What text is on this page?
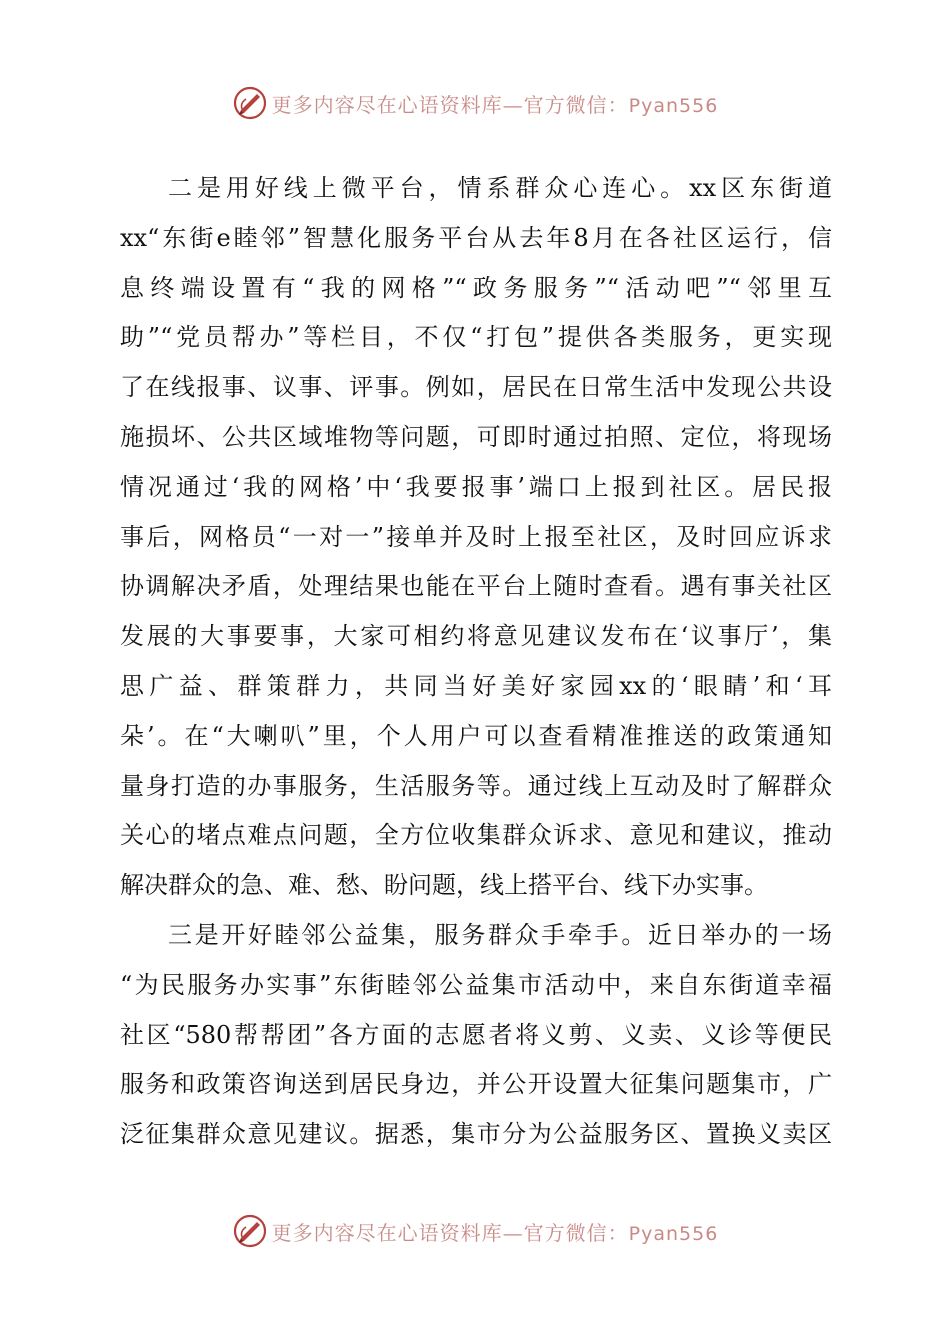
更多内容尽在心语资料库—官方微信：Pyan556
二是用好线上微平台，情系群众心连心。xx区东街道
xx“东街e睦邻”智慧化服务平台从去年8月在各社区运行，信
息终端设置有“我的网格”“政务服务”“活动吧”“邻里互
助”“党员帮办”等栏目，不仅“打包”提供各类服务，更实现
了在线报事、议事、评事。例如，居民在日常生活中发现公共设
施损坏、公共区域堆物等问题，可即时通过拍照、定位，将现场
情况通过‘我的网格’中‘我要报事’端口上报到社区。居民报
事后，网格员“一对一”接单并及时上报至社区，及时回应诉求
协调解决矛盾，处理结果也能在平台上随时查看。遇有事关社区
发展的大事要事，大家可相约将意见建议发布在‘议事厅’，集
思广益、群策群力，共同当好美好家园xx的‘眼睛’和‘耳
朵’。在“大喇叭”里，个人用户可以查看精准推送的政策通知
量身打造的办事服务，生活服务等。通过线上互动及时了解群众
关心的堵点难点问题，全方位收集群众诉求、意见和建议，推动
解决群众的急、难、愁、盼问题，线上搭平台、线下办实事。
三是开好睦邻公益集，服务群众手牵手。近日举办的一场
“为民服务办实事”东街睦邻公益集市活动中，来自东街道幸福
社区“580帮帮团”各方面的志愿者将义剪、义卖、义诊等便民
服务和政策咨询送到居民身边，并公开设置大征集问题集市，广
泛征集群众意见建议。据悉，集市分为公益服务区、置换义卖区
更多内容尽在心语资料库—官方微信：Pyan556
